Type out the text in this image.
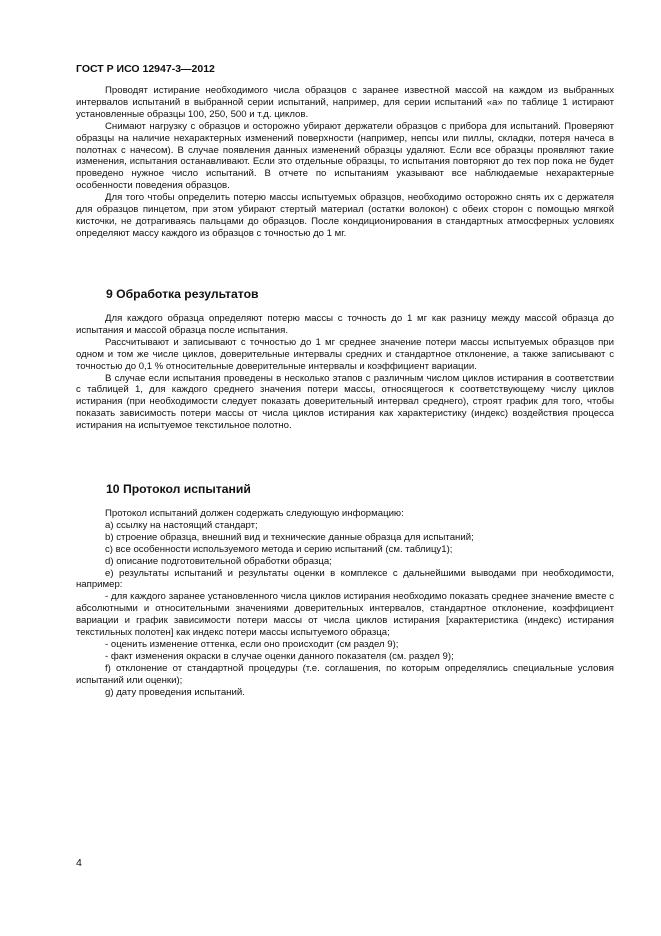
ГОСТ Р ИСО 12947-3—2012

Проводят истирание необходимого числа образцов с заранее известной массой на каждом из выбранных интервалов испытаний в выбранной серии испытаний, например, для серии испытаний «а» по таблице 1 истирают установленные образцы 100, 250, 500 и т.д. циклов.

Снимают нагрузку с образцов и осторожно убирают держатели образцов с прибора для испытаний. Проверяют образцы на наличие нехарактерных изменений поверхности (например, непсы или пиллы, складки, потеря начеса в полотнах с начесом). В случае появления данных изменений образцы удаляют. Если все образцы проявляют такие изменения, испытания останавливают. Если это отдельные образцы, то испытания повторяют до тех пор пока не будет проведено нужное число испытаний. В отчете по испытаниям указывают все наблюдаемые нехарактерные особенности поведения образцов.

Для того чтобы определить потерю массы испытуемых образцов, необходимо осторожно снять их с держателя для образцов пинцетом, при этом убирают стертый материал (остатки волокон) с обеих сторон с помощью мягкой кисточки, не дотрагиваясь пальцами до образцов. После кондиционирования в стандартных атмосферных условиях определяют массу каждого из образцов с точностью до 1 мг.

9 Обработка результатов

Для каждого образца определяют потерю массы с точность до 1 мг как разницу между массой образца до испытания и массой образца после испытания.

Рассчитывают и записывают с точностью до 1 мг среднее значение потери массы испытуемых образцов при одном и том же числе циклов, доверительные интервалы средних и стандартное отклонение, а также записывают с точностью до 0,1 % относительные доверительные интервалы и коэффициент вариации.

В случае если испытания проведены в несколько этапов с различным числом циклов истирания в соответствии с таблицей 1, для каждого среднего значения потери массы, относящегося к соответствующему числу циклов истирания (при необходимости следует показать доверительный интервал среднего), строят график для того, чтобы показать зависимость потери массы от числа циклов истирания как характеристику (индекс) воздействия процесса истирания на испытуемое текстильное полотно.

10 Протокол испытаний

Протокол испытаний должен содержать следующую информацию:

a) ссылку на настоящий стандарт;

b) строение образца, внешний вид и технические данные образца для испытаний;

c) все особенности используемого метода и серию испытаний (см. таблицу1);

d) описание подготовительной обработки образца;

e) результаты испытаний и результаты оценки в комплексе с дальнейшими выводами при необходимости, например:

- для каждого заранее установленного числа циклов истирания необходимо показать среднее значение вместе с абсолютными и относительными значениями доверительных интервалов, стандартное отклонение, коэффициент вариации и график зависимости потери массы от числа циклов истирания [характеристика (индекс) истирания текстильных полотен] как индекс потери массы испытуемого образца;

- оценить изменение оттенка, если оно происходит (см раздел 9);

- факт изменения окраски в случае оценки данного показателя (см. раздел 9);

f) отклонение от стандартной процедуры (т.е. соглашения, по которым определялись специальные условия испытаний или оценки);

g) дату проведения испытаний.

4
